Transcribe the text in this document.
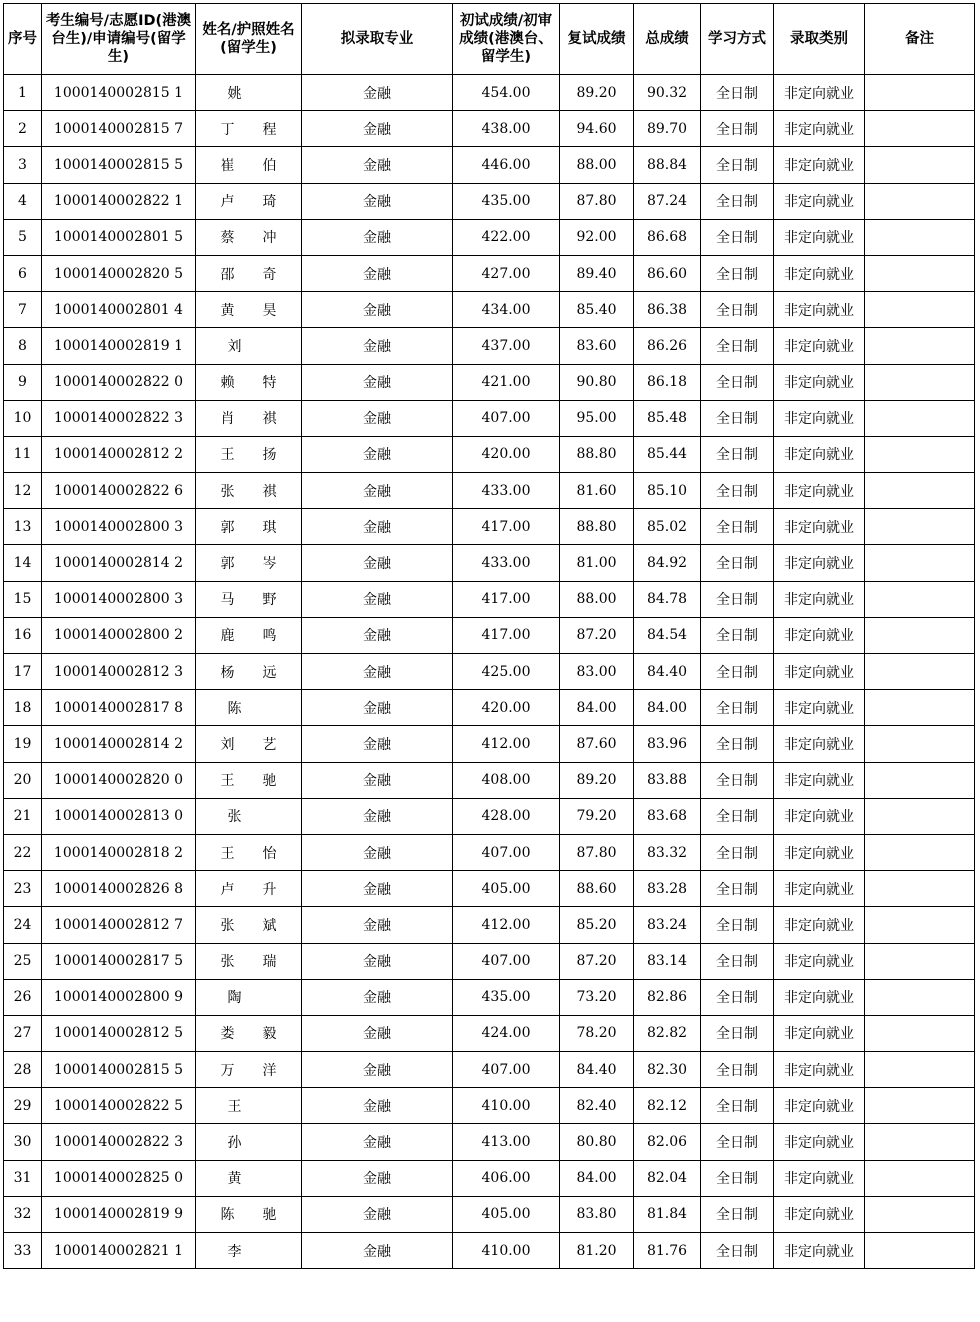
序号	考生编号/志愿ID(港澳台生)/申请编号(留学生)	姓名/护照姓名(留学生)	拟录取专业	初试成绩/初审成绩(港澳台、留学生)	复试成绩	总成绩	学习方式	录取类别	备注
1	1000140002815 1	姚	金融	454.00	89.20	90.32	全日制	非定向就业	
2	1000140002815 7	丁 程	金融	438.00	94.60	89.70	全日制	非定向就业	
3	1000140002815 5	崔 伯	金融	446.00	88.00	88.84	全日制	非定向就业	
4	1000140002822 1	卢 琦	金融	435.00	87.80	87.24	全日制	非定向就业	
5	1000140002801 5	蔡 冲	金融	422.00	92.00	86.68	全日制	非定向就业	
6	1000140002820 5	邵 奇	金融	427.00	89.40	86.60	全日制	非定向就业	
7	1000140002801 4	黄 昊	金融	434.00	85.40	86.38	全日制	非定向就业	
8	1000140002819 1	刘	金融	437.00	83.60	86.26	全日制	非定向就业	
9	1000140002822 0	赖 特	金融	421.00	90.80	86.18	全日制	非定向就业	
10	1000140002822 3	肖 祺	金融	407.00	95.00	85.48	全日制	非定向就业	
11	1000140002812 2	王 扬	金融	420.00	88.80	85.44	全日制	非定向就业	
12	1000140002822 6	张 祺	金融	433.00	81.60	85.10	全日制	非定向就业	
13	1000140002800 3	郭 琪	金融	417.00	88.80	85.02	全日制	非定向就业	
14	1000140002814 2	郭 岑	金融	433.00	81.00	84.92	全日制	非定向就业	
15	1000140002800 3	马 野	金融	417.00	88.00	84.78	全日制	非定向就业	
16	1000140002800 2	鹿 鸣	金融	417.00	87.20	84.54	全日制	非定向就业	
17	1000140002812 3	杨 远	金融	425.00	83.00	84.40	全日制	非定向就业	
18	1000140002817 8	陈	金融	420.00	84.00	84.00	全日制	非定向就业	
19	1000140002814 2	刘 艺	金融	412.00	87.60	83.96	全日制	非定向就业	
20	1000140002820 0	王 驰	金融	408.00	89.20	83.88	全日制	非定向就业	
21	1000140002813 0	张	金融	428.00	79.20	83.68	全日制	非定向就业	
22	1000140002818 2	王 怡	金融	407.00	87.80	83.32	全日制	非定向就业	
23	1000140002826 8	卢 升	金融	405.00	88.60	83.28	全日制	非定向就业	
24	1000140002812 7	张 斌	金融	412.00	85.20	83.24	全日制	非定向就业	
25	1000140002817 5	张 瑞	金融	407.00	87.20	83.14	全日制	非定向就业	
26	1000140002800 9	陶	金融	435.00	73.20	82.86	全日制	非定向就业	
27	1000140002812 5	娄 毅	金融	424.00	78.20	82.82	全日制	非定向就业	
28	1000140002815 5	万 洋	金融	407.00	84.40	82.30	全日制	非定向就业	
29	1000140002822 5	王	金融	410.00	82.40	82.12	全日制	非定向就业	
30	1000140002822 3	孙	金融	413.00	80.80	82.06	全日制	非定向就业	
31	1000140002825 0	黄	金融	406.00	84.00	82.04	全日制	非定向就业	
32	1000140002819 9	陈 驰	金融	405.00	83.80	81.84	全日制	非定向就业	
33	1000140002821 1	李	金融	410.00	81.20	81.76	全日制	非定向就业	
